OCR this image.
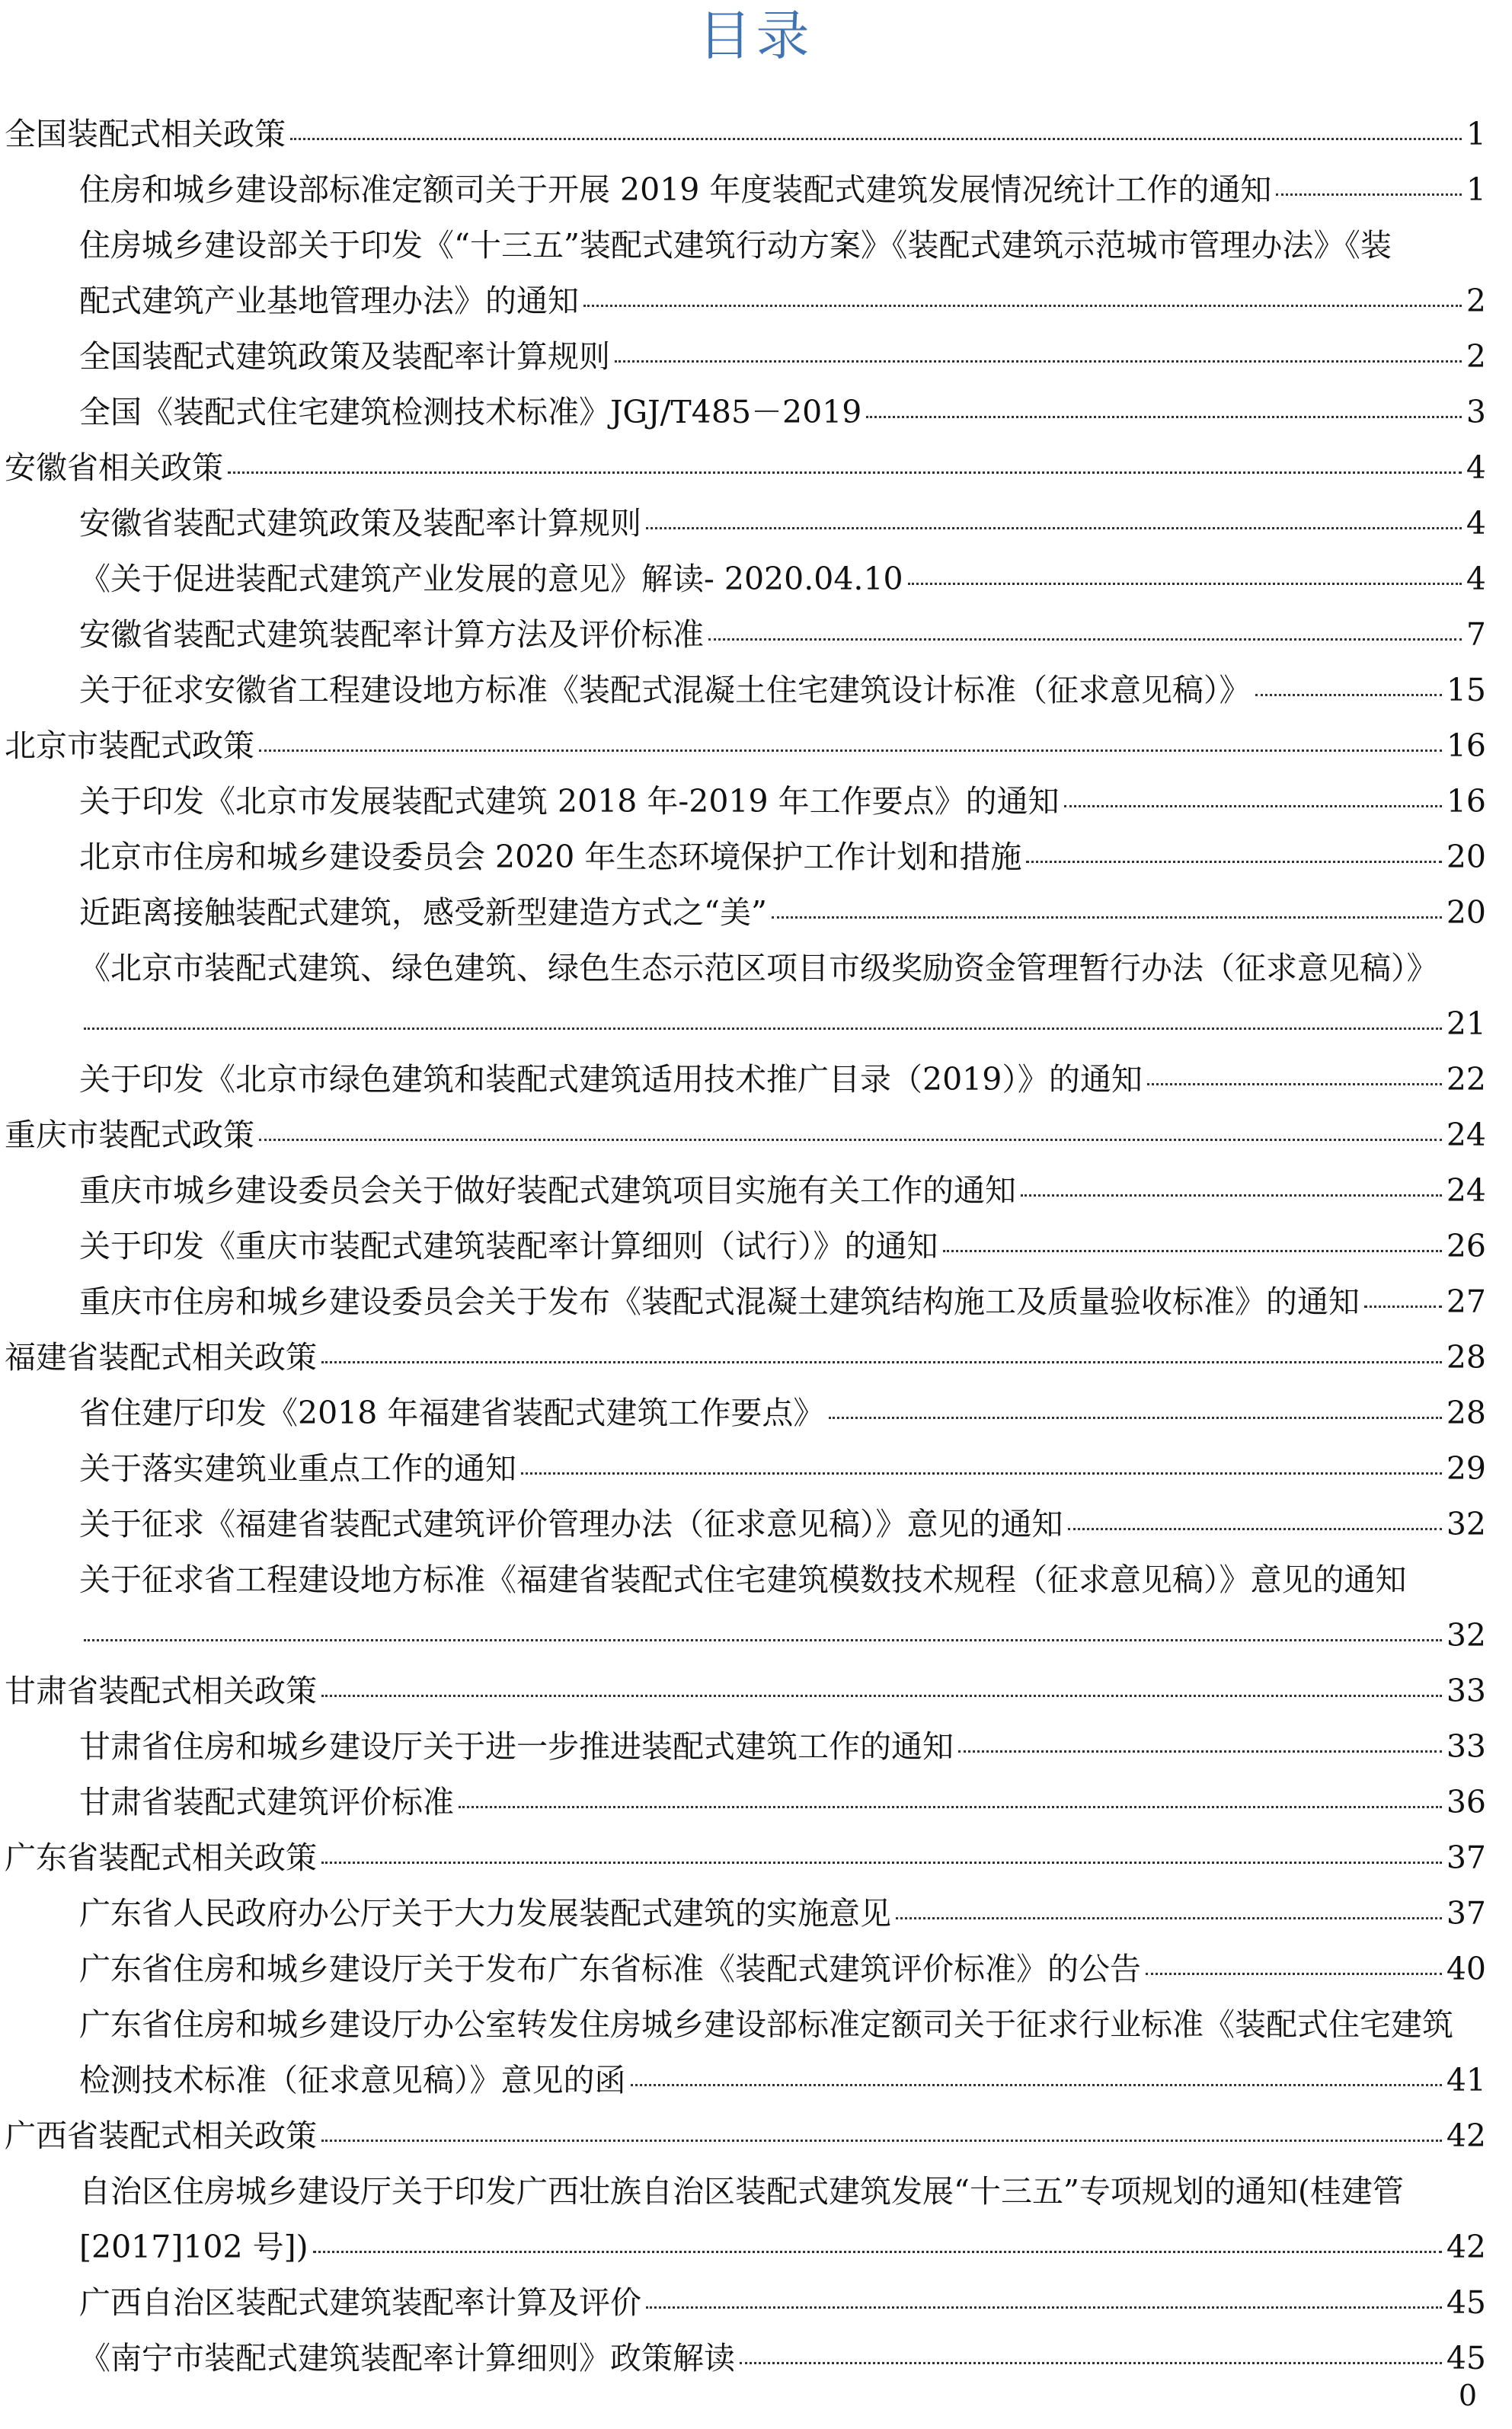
目录
全国装配式相关政策	1
住房和城乡建设部标准定额司关于开展 2019 年度装配式建筑发展情况统计工作的通知	1
住房城乡建设部关于印发《“十三五”装配式建筑行动方案》《装配式建筑示范城市管理办法》《装
配式建筑产业基地管理办法》的通知	2
全国装配式建筑政策及装配率计算规则	2
全国《装配式住宅建筑检测技术标准》JGJ/T485－2019	3
安徽省相关政策	4
安徽省装配式建筑政策及装配率计算规则	4
《关于促进装配式建筑产业发展的意见》解读- 2020.04.10	4
安徽省装配式建筑装配率计算方法及评价标准	7
关于征求安徽省工程建设地方标准《装配式混凝土住宅建筑设计标准（征求意见稿）》	15
北京市装配式政策	16
关于印发《北京市发展装配式建筑 2018 年-2019 年工作要点》的通知	16
北京市住房和城乡建设委员会 2020 年生态环境保护工作计划和措施	20
近距离接触装配式建筑，感受新型建造方式之“美”	20
《北京市装配式建筑、绿色建筑、绿色生态示范区项目市级奖励资金管理暂行办法（征求意见稿）》
21
关于印发《北京市绿色建筑和装配式建筑适用技术推广目录（2019）》的通知	22
重庆市装配式政策	24
重庆市城乡建设委员会关于做好装配式建筑项目实施有关工作的通知	24
关于印发《重庆市装配式建筑装配率计算细则（试行）》的通知	26
重庆市住房和城乡建设委员会关于发布《装配式混凝土建筑结构施工及质量验收标准》的通知	27
福建省装配式相关政策	28
省住建厅印发《2018 年福建省装配式建筑工作要点》	28
关于落实建筑业重点工作的通知	29
关于征求《福建省装配式建筑评价管理办法（征求意见稿）》意见的通知	32
关于征求省工程建设地方标准《福建省装配式住宅建筑模数技术规程（征求意见稿）》意见的通知
32
甘肃省装配式相关政策	33
甘肃省住房和城乡建设厅关于进一步推进装配式建筑工作的通知	33
甘肃省装配式建筑评价标准	36
广东省装配式相关政策	37
广东省人民政府办公厅关于大力发展装配式建筑的实施意见	37
广东省住房和城乡建设厅关于发布广东省标准《装配式建筑评价标准》的公告	40
广东省住房和城乡建设厅办公室转发住房城乡建设部标准定额司关于征求行业标准《装配式住宅建筑
检测技术标准（征求意见稿）》意见的函	41
广西省装配式相关政策	42
自治区住房城乡建设厅关于印发广西壮族自治区装配式建筑发展“十三五”专项规划的通知(桂建管
[2017]102 号])	42
广西自治区装配式建筑装配率计算及评价	45
《南宁市装配式建筑装配率计算细则》政策解读	45
0
